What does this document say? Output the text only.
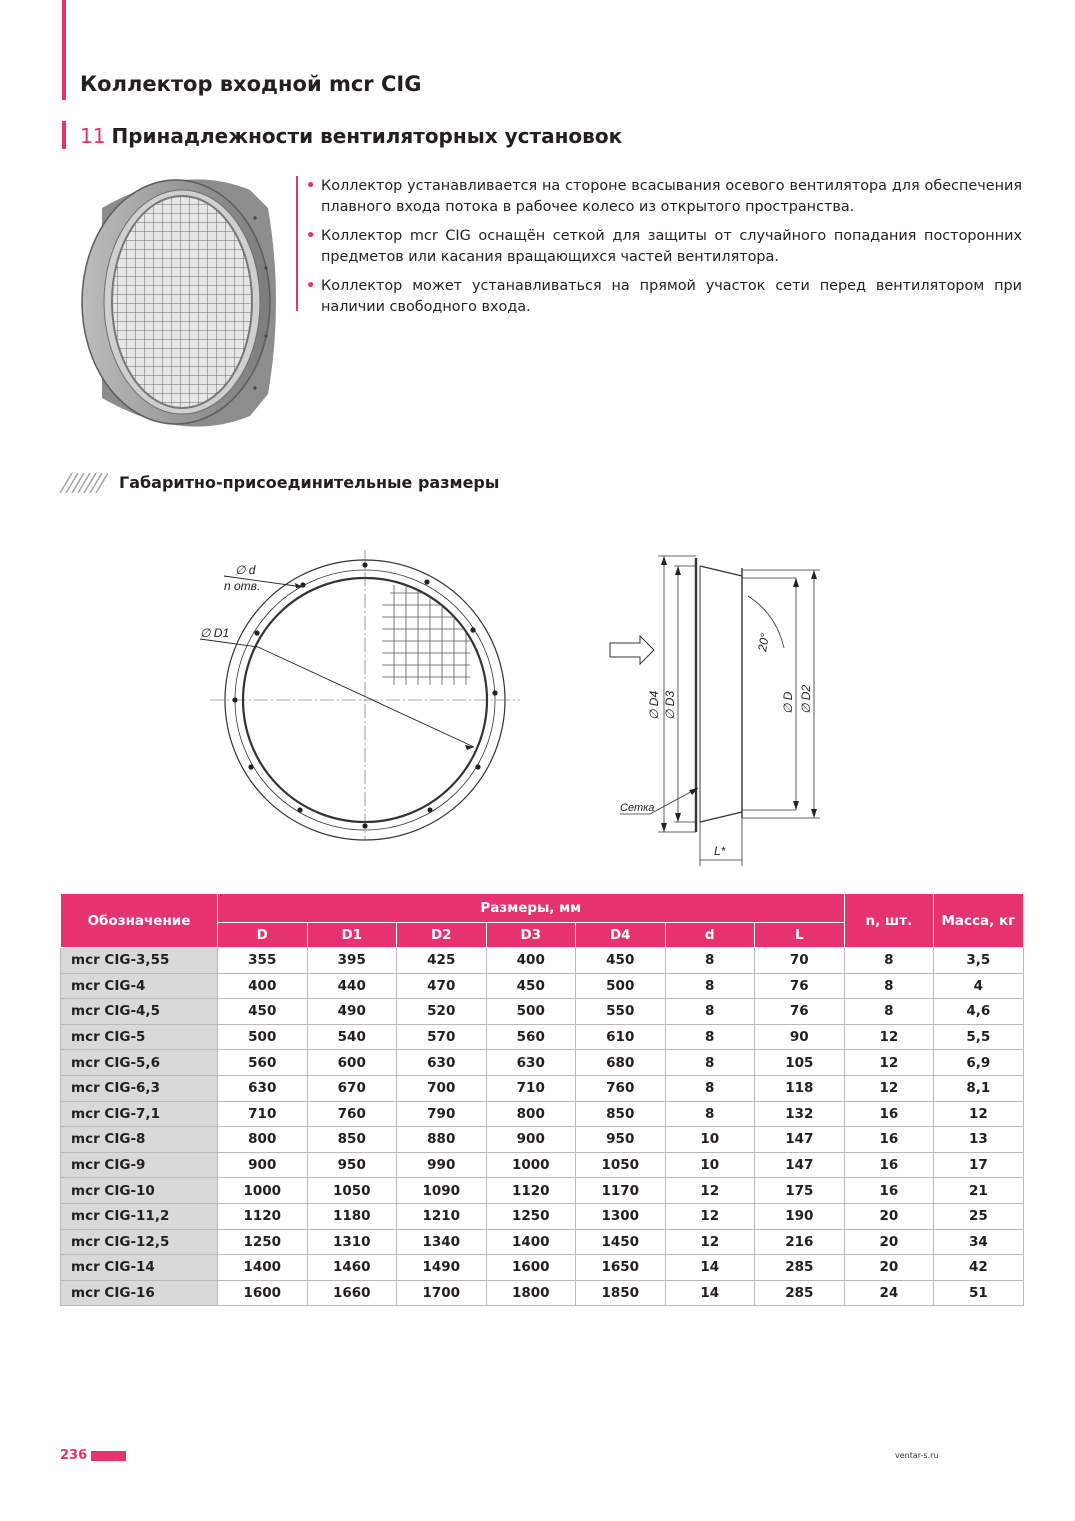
Коллектор входной mcr CIG
11 Принадлежности вентиляторных установок
• Коллектор устанавливается на стороне всасывания осевого вентилятора для обеспечения плавного входа потока в рабочее колесо из открытого пространства.
• Коллектор mcr CIG оснащён сеткой для защиты от случайного попадания посторонних предметов или касания вращающихся частей вентилятора.
• Коллектор может устанавливаться на прямой участок сети перед вентилятором при наличии свободного входа.
Габаритно-присоединительные размеры
∅ d
n отв.
∅ D1
∅ D4 ∅ D3	∅ D ∅ D2
20°
Сетка
L*
Обозначение	Размеры, мм							n, шт.	Масса, кг
	D	D1	D2	D3	D4	d	L		
mcr CIG-3,55	355	395	425	400	450	8	70	8	3,5
mcr CIG-4	400	440	470	450	500	8	76	8	4
mcr CIG-4,5	450	490	520	500	550	8	76	8	4,6
mcr CIG-5	500	540	570	560	610	8	90	12	5,5
mcr CIG-5,6	560	600	630	630	680	8	105	12	6,9
mcr CIG-6,3	630	670	700	710	760	8	118	12	8,1
mcr CIG-7,1	710	760	790	800	850	8	132	16	12
mcr CIG-8	800	850	880	900	950	10	147	16	13
mcr CIG-9	900	950	990	1000	1050	10	147	16	17
mcr CIG-10	1000	1050	1090	1120	1170	12	175	16	21
mcr CIG-11,2	1120	1180	1210	1250	1300	12	190	20	25
mcr CIG-12,5	1250	1310	1340	1400	1450	12	216	20	34
mcr CIG-14	1400	1460	1490	1600	1650	14	285	20	42
mcr CIG-16	1600	1660	1700	1800	1850	14	285	24	51
236	ventar-s.ru
